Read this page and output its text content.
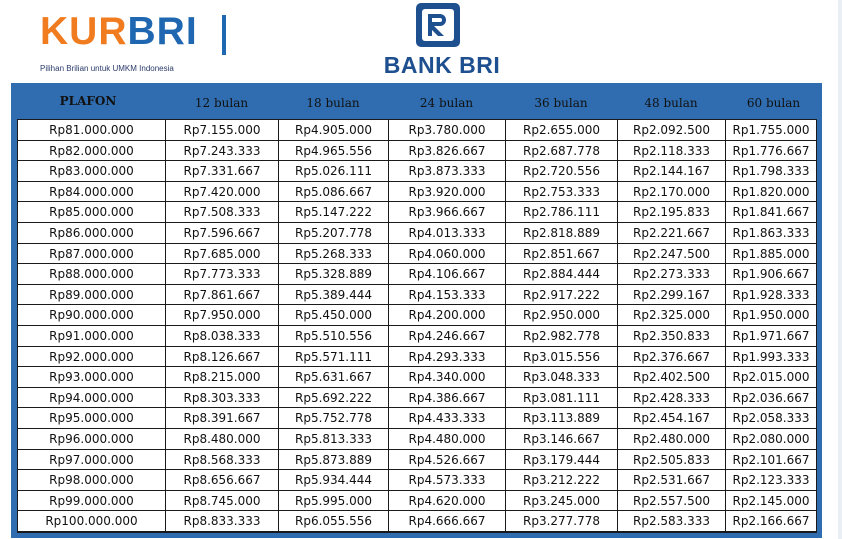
KURBRI
Pilihan Brilian untuk UMKM Indonesia	BANK BRI
PLAFON	12 bulan	18 bulan	24 bulan	36 bulan	48 bulan	60 bulan
Rp81.000.000	Rp7.155.000	Rp4.905.000	Rp3.780.000	Rp2.655.000	Rp2.092.500	Rp1.755.000
Rp82.000.000	Rp7.243.333	Rp4.965.556	Rp3.826.667	Rp2.687.778	Rp2.118.333	Rp1.776.667
Rp83.000.000	Rp7.331.667	Rp5.026.111	Rp3.873.333	Rp2.720.556	Rp2.144.167	Rp1.798.333
Rp84.000.000	Rp7.420.000	Rp5.086.667	Rp3.920.000	Rp2.753.333	Rp2.170.000	Rp1.820.000
Rp85.000.000	Rp7.508.333	Rp5.147.222	Rp3.966.667	Rp2.786.111	Rp2.195.833	Rp1.841.667
Rp86.000.000	Rp7.596.667	Rp5.207.778	Rp4.013.333	Rp2.818.889	Rp2.221.667	Rp1.863.333
Rp87.000.000	Rp7.685.000	Rp5.268.333	Rp4.060.000	Rp2.851.667	Rp2.247.500	Rp1.885.000
Rp88.000.000	Rp7.773.333	Rp5.328.889	Rp4.106.667	Rp2.884.444	Rp2.273.333	Rp1.906.667
Rp89.000.000	Rp7.861.667	Rp5.389.444	Rp4.153.333	Rp2.917.222	Rp2.299.167	Rp1.928.333
Rp90.000.000	Rp7.950.000	Rp5.450.000	Rp4.200.000	Rp2.950.000	Rp2.325.000	Rp1.950.000
Rp91.000.000	Rp8.038.333	Rp5.510.556	Rp4.246.667	Rp2.982.778	Rp2.350.833	Rp1.971.667
Rp92.000.000	Rp8.126.667	Rp5.571.111	Rp4.293.333	Rp3.015.556	Rp2.376.667	Rp1.993.333
Rp93.000.000	Rp8.215.000	Rp5.631.667	Rp4.340.000	Rp3.048.333	Rp2.402.500	Rp2.015.000
Rp94.000.000	Rp8.303.333	Rp5.692.222	Rp4.386.667	Rp3.081.111	Rp2.428.333	Rp2.036.667
Rp95.000.000	Rp8.391.667	Rp5.752.778	Rp4.433.333	Rp3.113.889	Rp2.454.167	Rp2.058.333
Rp96.000.000	Rp8.480.000	Rp5.813.333	Rp4.480.000	Rp3.146.667	Rp2.480.000	Rp2.080.000
Rp97.000.000	Rp8.568.333	Rp5.873.889	Rp4.526.667	Rp3.179.444	Rp2.505.833	Rp2.101.667
Rp98.000.000	Rp8.656.667	Rp5.934.444	Rp4.573.333	Rp3.212.222	Rp2.531.667	Rp2.123.333
Rp99.000.000	Rp8.745.000	Rp5.995.000	Rp4.620.000	Rp3.245.000	Rp2.557.500	Rp2.145.000
Rp100.000.000	Rp8.833.333	Rp6.055.556	Rp4.666.667	Rp3.277.778	Rp2.583.333	Rp2.166.667
